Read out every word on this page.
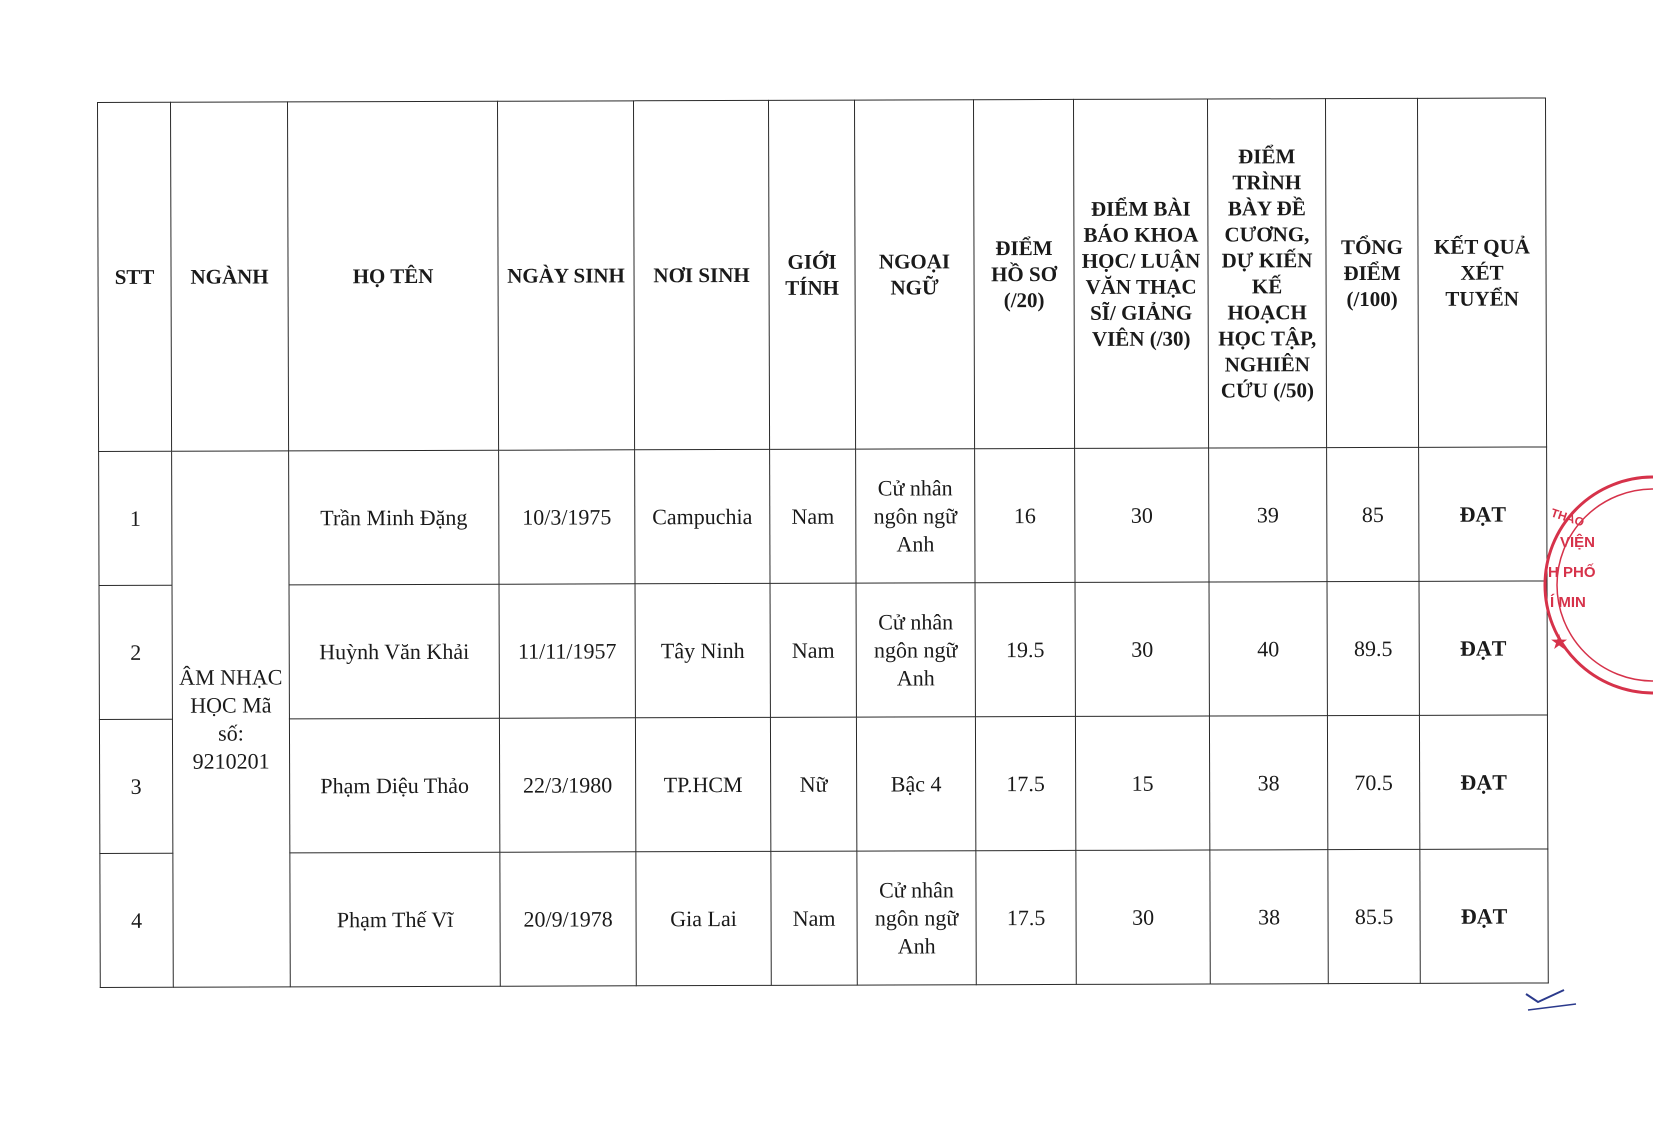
STT	NGÀNH	HỌ TÊN	NGÀY SINH	NƠI SINH	GIỚI TÍNH	NGOẠI NGỮ	ĐIỂM HỒ SƠ (/20)	ĐIỂM BÀI BÁO KHOA HỌC/ LUẬN VĂN THẠC SĨ/ GIẢNG VIÊN (/30)	ĐIỂM TRÌNH BÀY ĐỀ CƯƠNG, DỰ KIẾN KẾ HOẠCH HỌC TẬP, NGHIÊN CỨU (/50)	TỔNG ĐIỂM (/100)	KẾT QUẢ XÉT TUYỂN
1	ÂM NHẠC HỌC Mã số: 9210201	Trần Minh Đặng	10/3/1975	Campuchia	Nam	Cử nhân ngôn ngữ Anh	16	30	39	85	ĐẠT
2		Huỳnh Văn Khải	11/11/1957	Tây Ninh	Nam	Cử nhân ngôn ngữ Anh	19.5	30	40	89.5	ĐẠT
3		Phạm Diệu Thảo	22/3/1980	TP.HCM	Nữ	Bậc 4	17.5	15	38	70.5	ĐẠT
4		Phạm Thế Vĩ	20/9/1978	Gia Lai	Nam	Cử nhân ngôn ngữ Anh	17.5	30	38	85.5	ĐẠT
★
THẢO
VIỆN
H PHỐ
Í MIN
